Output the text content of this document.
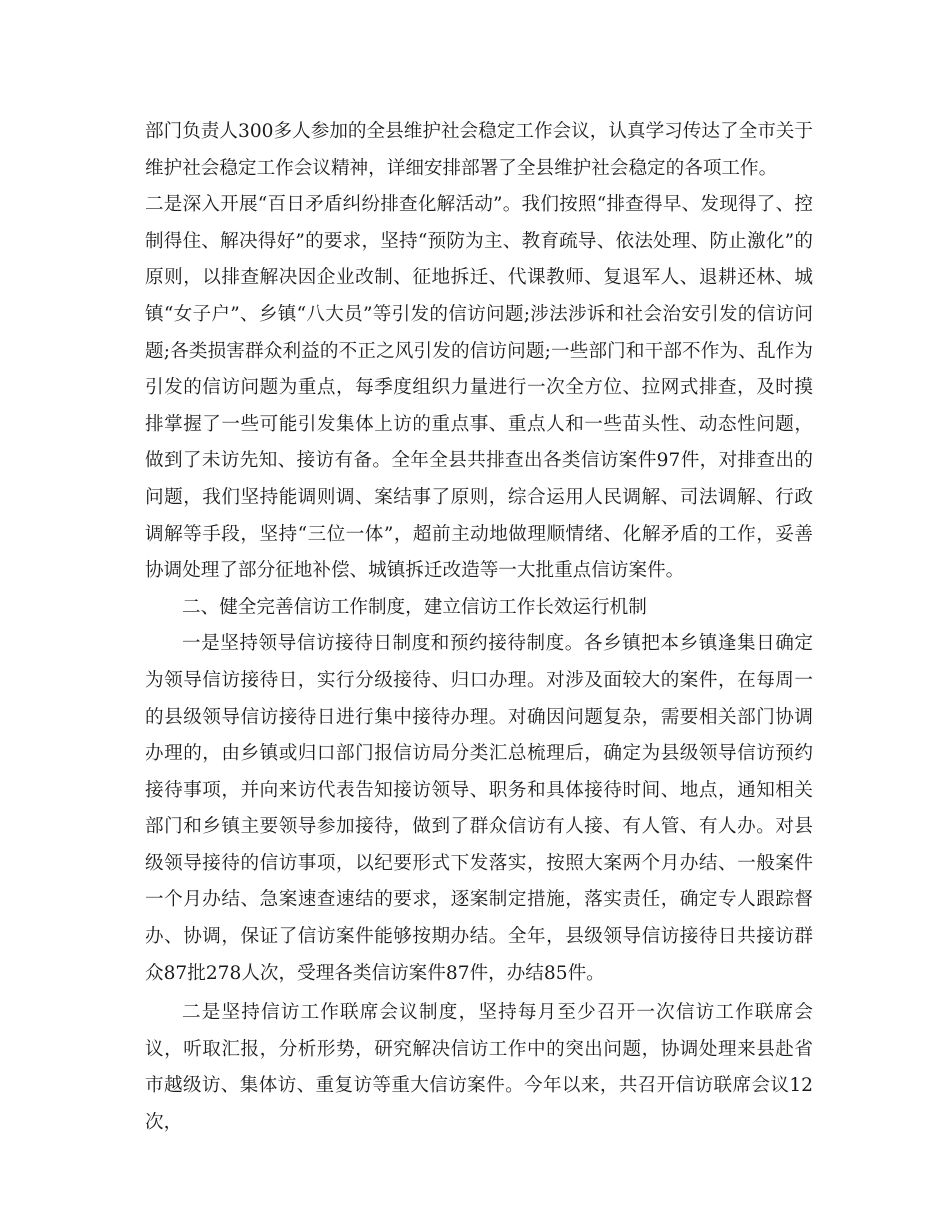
部门负责人300多人参加的全县维护社会稳定工作会议，认真学习传达了全市关于维护社会稳定工作会议精神，详细安排部署了全县维护社会稳定的各项工作。

二是深入开展“百日矛盾纠纷排查化解活动”。我们按照“排查得早、发现得了、控制得住、解决得好”的要求，坚持“预防为主、教育疏导、依法处理、防止激化”的原则，以排查解决因企业改制、征地拆迁、代课教师、复退军人、退耕还林、城镇“女子户”、乡镇“八大员”等引发的信访问题;涉法涉诉和社会治安引发的信访问题;各类损害群众利益的不正之风引发的信访问题;一些部门和干部不作为、乱作为引发的信访问题为重点，每季度组织力量进行一次全方位、拉网式排查，及时摸排掌握了一些可能引发集体上访的重点事、重点人和一些苗头性、动态性问题，做到了未访先知、接访有备。全年全县共排查出各类信访案件97件，对排查出的问题，我们坚持能调则调、案结事了原则，综合运用人民调解、司法调解、行政调解等手段，坚持“三位一体”，超前主动地做理顺情绪、化解矛盾的工作，妥善协调处理了部分征地补偿、城镇拆迁改造等一大批重点信访案件。

二、健全完善信访工作制度，建立信访工作长效运行机制

一是坚持领导信访接待日制度和预约接待制度。各乡镇把本乡镇逢集日确定为领导信访接待日，实行分级接待、归口办理。对涉及面较大的案件，在每周一的县级领导信访接待日进行集中接待办理。对确因问题复杂，需要相关部门协调办理的，由乡镇或归口部门报信访局分类汇总梳理后，确定为县级领导信访预约接待事项，并向来访代表告知接访领导、职务和具体接待时间、地点，通知相关部门和乡镇主要领导参加接待，做到了群众信访有人接、有人管、有人办。对县级领导接待的信访事项，以纪要形式下发落实，按照大案两个月办结、一般案件一个月办结、急案速查速结的要求，逐案制定措施，落实责任，确定专人跟踪督办、协调，保证了信访案件能够按期办结。全年，县级领导信访接待日共接访群众87批278人次，受理各类信访案件87件，办结85件。

二是坚持信访工作联席会议制度，坚持每月至少召开一次信访工作联席会议，听取汇报，分析形势，研究解决信访工作中的突出问题，协调处理来县赴省市越级访、集体访、重复访等重大信访案件。今年以来，共召开信访联席会议12次，
